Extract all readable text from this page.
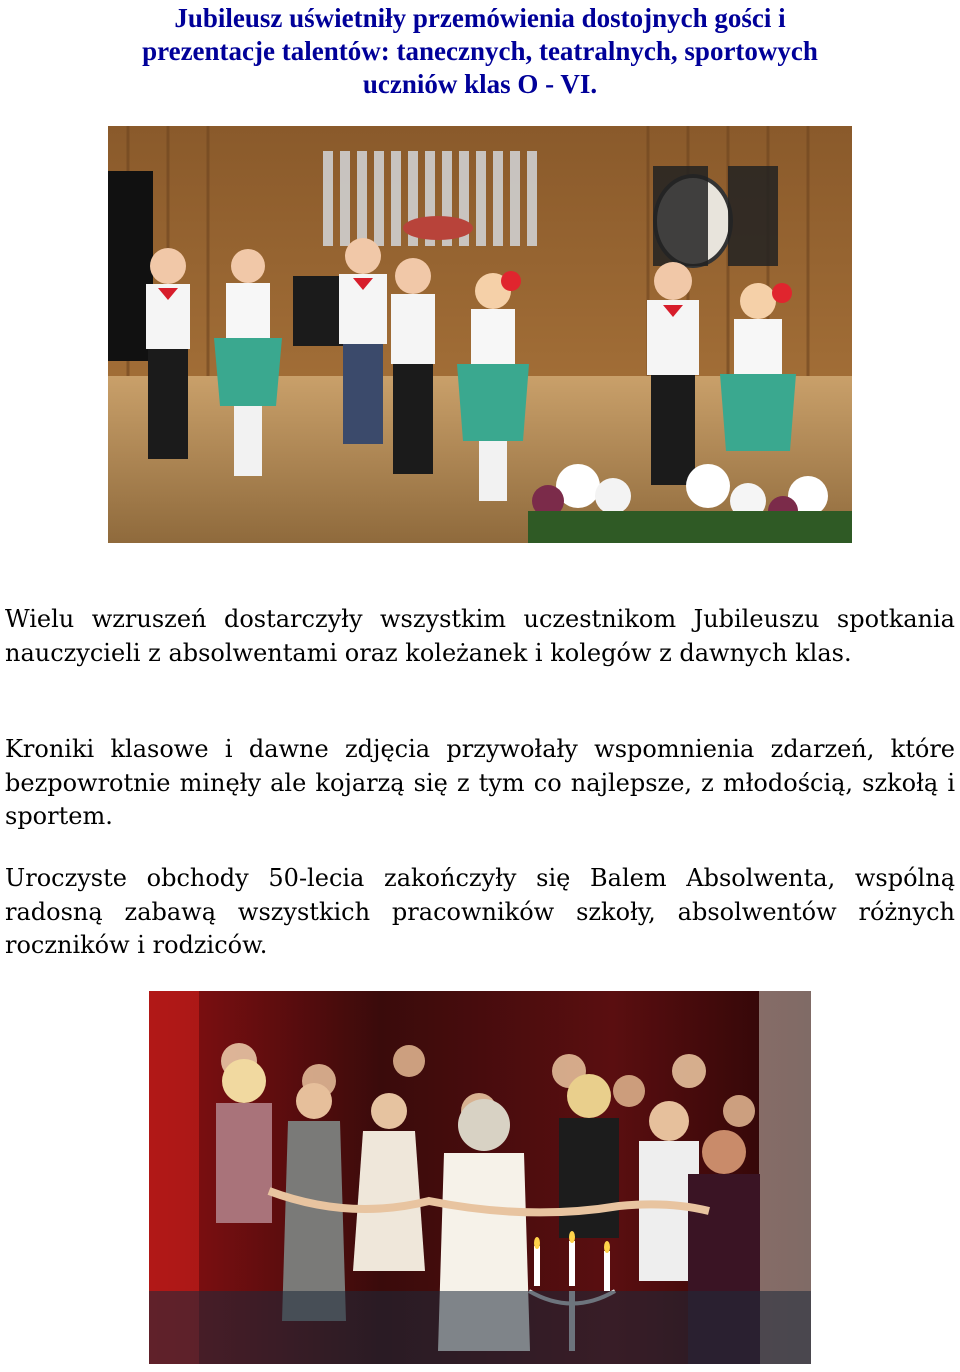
Jubileusz uświetniły przemówienia dostojnych gości i
prezentacje talentów: tanecznych, teatralnych, sportowych
uczniów klas O - VI.

Wielu wzruszeń dostarczyły wszystkim uczestnikom Jubileuszu spotkania nauczycieli z absolwentami oraz koleżanek i kolegów z dawnych klas.

Kroniki klasowe i dawne zdjęcia przywołały wspomnienia zdarzeń, które bezpowrotnie minęły ale kojarzą się z tym co najlepsze, z młodością, szkołą i sportem.

Uroczyste obchody 50-lecia zakończyły się Balem Absolwenta, wspólną radosną zabawą wszystkich pracowników szkoły, absolwentów różnych roczników i rodziców.
